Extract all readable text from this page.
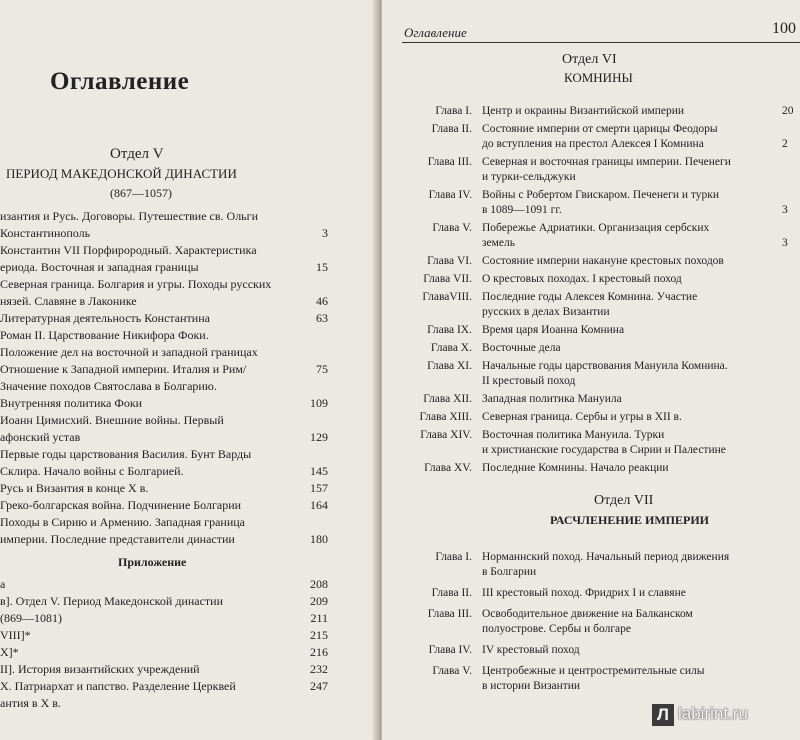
Оглавление
Отдел V
ПЕРИОД МАКЕДОНСКОЙ ДИНАСТИИ
(867—1057)
изантия и Русь. Договоры. Путешествие св. Ольги
Константинополь	3
Константин VII Порфирородный. Характеристика
ериода. Восточная и западная границы	15
Северная граница. Болгария и угры. Походы русских
нязей. Славяне в Лаконике	46
Литературная деятельность Константина	63
Роман II. Царствование Никифора Фоки.
Положение дел на восточной и западной границах
Отношение к Западной империи. Италия и Рим/	75
Значение походов Святослава в Болгарию.
Внутренняя политика Фоки	109
Иоанн Цимисхий. Внешние войны. Первый
афонский устав	129
Первые годы царствования Василия. Бунт Варды
Склира. Начало войны с Болгарией.	145
Русь и Византия в конце X в.	157
Греко-болгарская война. Подчинение Болгарии	164
Походы в Сирию и Армению. Западная граница
империи. Последние представители династии	180
Приложение
а	208
в]. Отдел V. Период Македонской династии	209
(869—1081)	211
VIII]*	215
X]*	216
II]. История византийских учреждений	232
X. Патриархат и папство. Разделение Церквей	247
антия в X в.
Оглавление	100
Отдел VI
КОМНИНЫ
Глава I. Центр и окраины Византийской империи	20
Глава II. Состояние империи от смерти царицы Феодоры
до вступления на престол Алексея I Комнина	2
Глава III. Северная и восточная границы империи. Печенеги
и турки-сельджуки
Глава IV. Войны с Робертом Гвискаром. Печенеги и турки
в 1089—1091 гг.	3
Глава V. Побережье Адриатики. Организация сербских
земель	3
Глава VI. Состояние империи накануне крестовых походов
Глава VII. О крестовых походах. I крестовый поход
ГлаваVIII. Последние годы Алексея Комнина. Участие
русских в делах Византии
Глава IX. Время царя Иоанна Комнина
Глава X. Восточные дела
Глава XI. Начальные годы царствования Мануила Комнина.
II крестовый поход
Глава XII. Западная политика Мануила
Глава XIII. Северная граница. Сербы и угры в XII в.
Глава XIV. Восточная политика Мануила. Турки
и христианские государства в Сирии и Палестине
Глава XV. Последние Комнины. Начало реакции
Отдел VII
РАСЧЛЕНЕНИЕ ИМПЕРИИ
Глава I. Норманнский поход. Начальный период движения
в Болгарии
Глава II. III крестовый поход. Фридрих I и славяне
Глава III. Освободительное движение на Балканском
полуострове. Сербы и болгаре
Глава IV. IV крестовый поход
Глава V. Центробежные и центростремительные силы
в истории Византии
Л labirint.ru
